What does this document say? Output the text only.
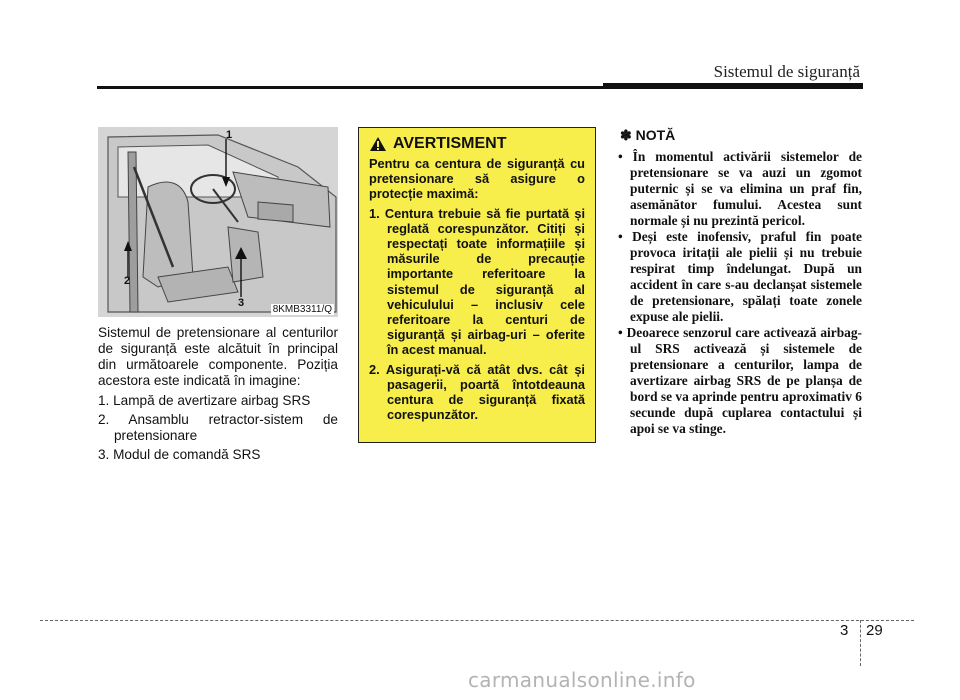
Sistemul de siguranță
1
2
3
8KMB3311/Q

Sistemul de pretensionare al centurilor de siguranță este alcătuit în principal din următoarele componente. Poziția acestora este indicată în imagine:

1. Lampă de avertizare airbag SRS
2. Ansamblu retractor-sistem de pretensionare
3. Modul de comandă SRS
AVERTISMENT

Pentru ca centura de siguranță cu pretensionare să asigure o protecție maximă:

1. Centura trebuie să fie purtată și reglată corespunzător. Citiți și respectați toate informațiile și măsurile de precauție importante referitoare la sistemul de siguranță al vehiculului – inclusiv cele referitoare la centuri de siguranță și airbag-uri – oferite în acest manual.
2. Asigurați-vă că atât dvs. cât și pasagerii, poartă întotdeauna centura de siguranță fixată corespunzător.
✽ NOTĂ
• În momentul activării sistemelor de pretensionare se va auzi un zgomot puternic și se va elimina un praf fin, asemănător fumului. Acestea sunt normale și nu prezintă pericol.
• Deși este inofensiv, praful fin poate provoca iritații ale pielii și nu trebuie respirat timp îndelungat. După un accident în care s-au declanșat sistemele de pretensionare, spălați toate zonele expuse ale pielii.
• Deoarece senzorul care activează airbag-ul SRS activează și sistemele de pretensionare a centurilor, lampa de avertizare airbag SRS de pe planșa de bord se va aprinde pentru aproximativ 6 secunde după cuplarea contactului și apoi se va stinge.
3 29
carmanualsonline.info
